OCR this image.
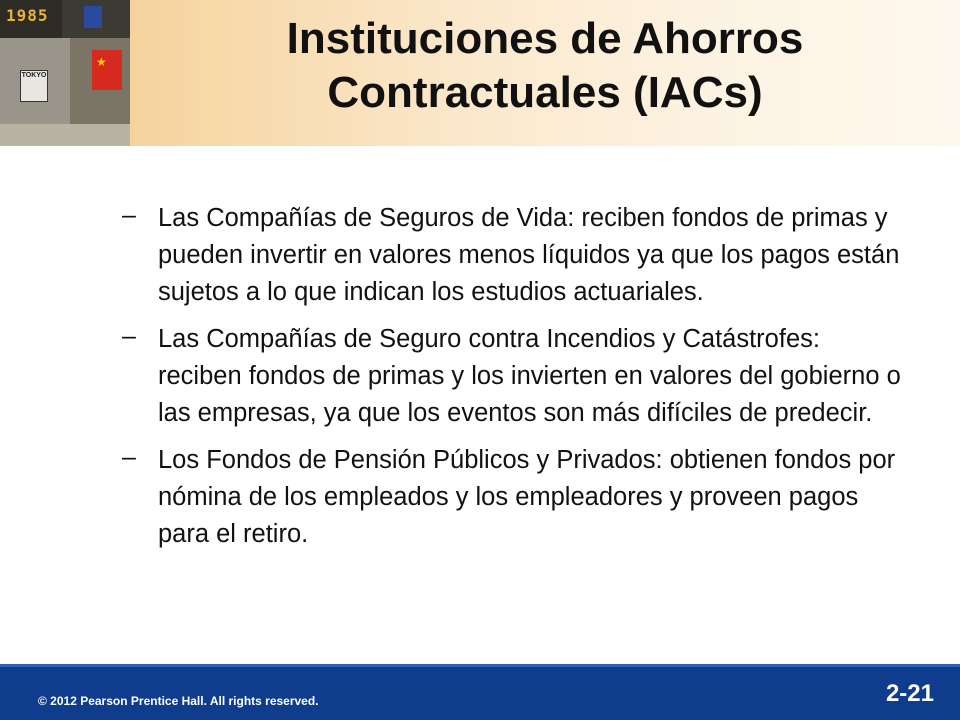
1985
TOKYO
★	Instituciones de Ahorros Contractuales (IACs)
– Las Compañías de Seguros de Vida: reciben fondos de primas y pueden invertir en valores menos líquidos ya que los pagos están sujetos a lo que indican los estudios actuariales.
– Las Compañías de Seguro contra Incendios y Catástrofes: reciben fondos de primas y los invierten en valores del gobierno o las empresas, ya que los eventos son más difíciles de predecir.
– Los Fondos de Pensión Públicos y Privados: obtienen fondos por nómina de los empleados y los empleadores y proveen pagos para el retiro.
© 2012 Pearson Prentice Hall. All rights reserved.	2-21
